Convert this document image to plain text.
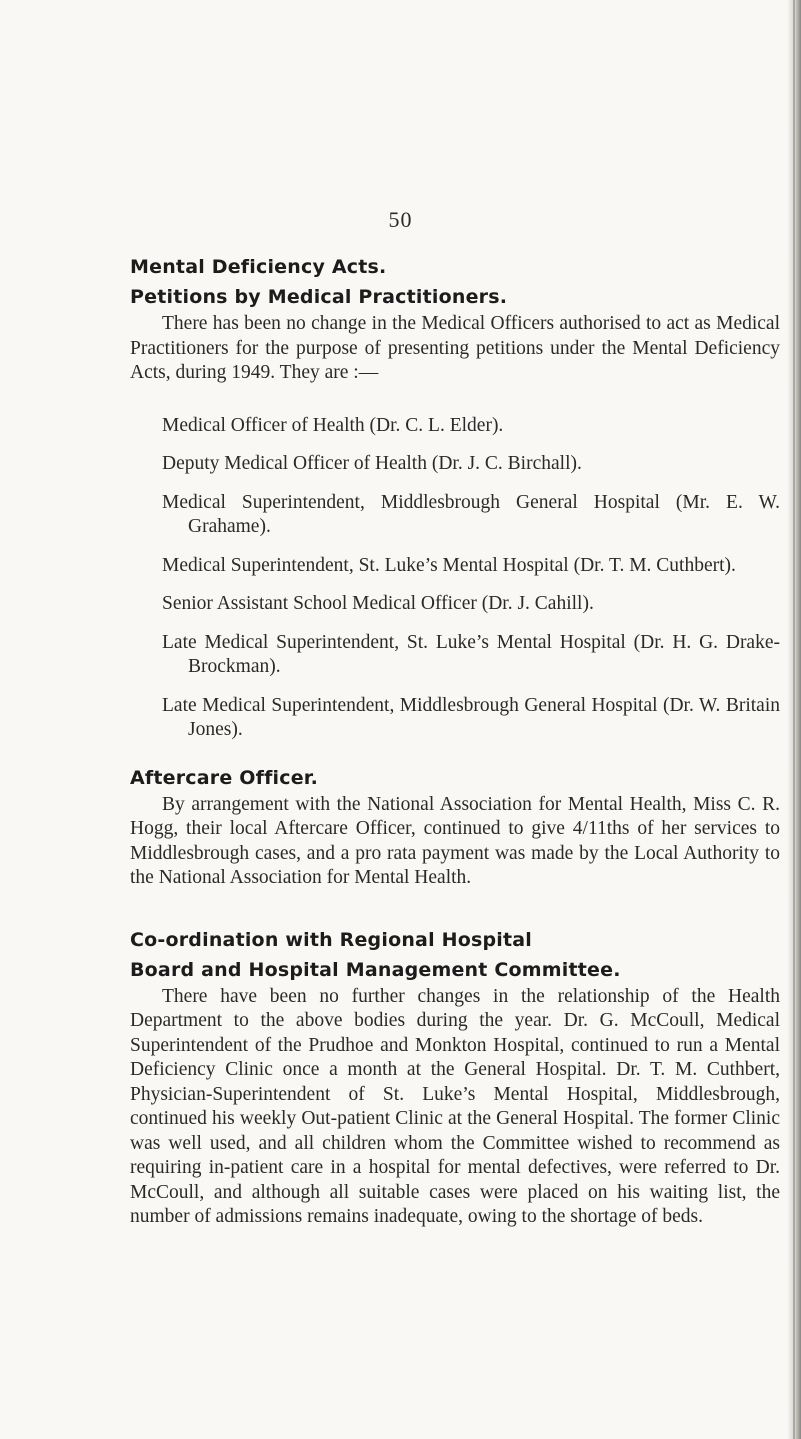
50
Mental Deficiency Acts.
Petitions by Medical Practitioners.

There has been no change in the Medical Officers authorised to act as Medical Practitioners for the purpose of presenting petitions under the Mental Deficiency Acts, during 1949. They are :—

Medical Officer of Health (Dr. C. L. Elder).

Deputy Medical Officer of Health (Dr. J. C. Birchall).

Medical Superintendent, Middlesbrough General Hospital (Mr. E. W. Grahame).

Medical Superintendent, St. Luke’s Mental Hospital (Dr. T. M. Cuthbert).

Senior Assistant School Medical Officer (Dr. J. Cahill).

Late Medical Superintendent, St. Luke’s Mental Hospital (Dr. H. G. Drake-Brockman).

Late Medical Superintendent, Middlesbrough General Hospital (Dr. W. Britain Jones).

Aftercare Officer.

By arrangement with the National Association for Mental Health, Miss C. R. Hogg, their local Aftercare Officer, continued to give 4/11ths of her services to Middlesbrough cases, and a pro rata payment was made by the Local Authority to the National Association for Mental Health.

Co-ordination with Regional Hospital
Board and Hospital Management Committee.

There have been no further changes in the relationship of the Health Department to the above bodies during the year. Dr. G. McCoull, Medical Superintendent of the Prudhoe and Monkton Hospital, continued to run a Mental Deficiency Clinic once a month at the General Hospital. Dr. T. M. Cuthbert, Physician-Superintendent of St. Luke’s Mental Hospital, Middlesbrough, continued his weekly Out-patient Clinic at the General Hospital. The former Clinic was well used, and all children whom the Committee wished to recommend as requiring in-patient care in a hospital for mental defectives, were referred to Dr. McCoull, and although all suitable cases were placed on his waiting list, the number of admissions remains inadequate, owing to the shortage of beds.
